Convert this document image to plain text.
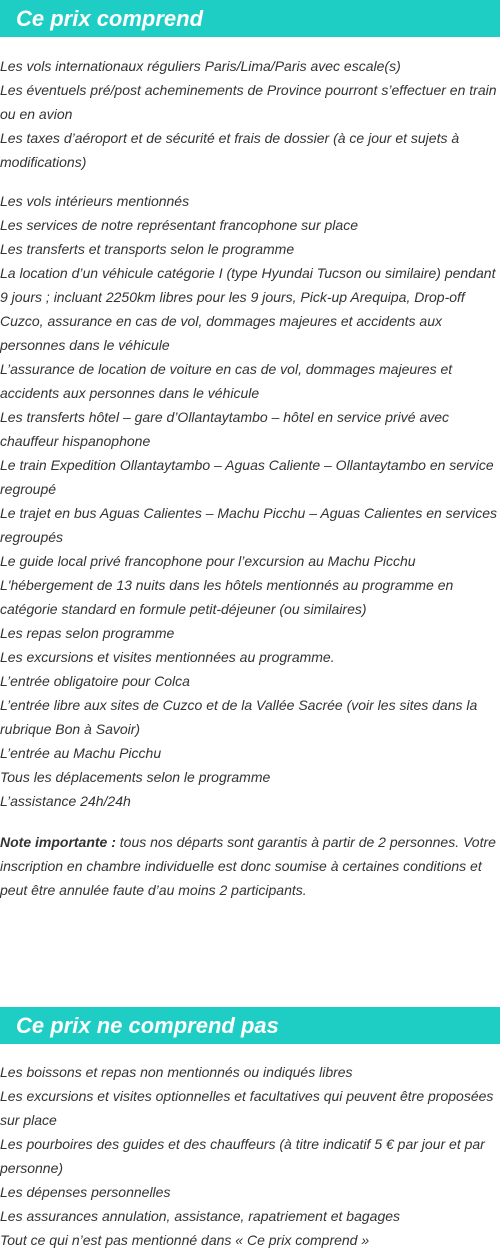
Ce prix comprend
Les vols internationaux réguliers Paris/Lima/Paris avec escale(s)
Les éventuels pré/post acheminements de Province pourront s’effectuer en train ou en avion
Les taxes d’aéroport et de sécurité et frais de dossier (à ce jour et sujets à modifications)
Les vols intérieurs mentionnés
Les services de notre représentant francophone sur place
Les transferts et transports selon le programme
La location d’un véhicule catégorie I (type Hyundai Tucson ou similaire) pendant 9 jours ; incluant 2250km libres pour les 9 jours, Pick-up Arequipa, Drop-off Cuzco, assurance en cas de vol, dommages majeures et accidents aux personnes dans le véhicule
L’assurance de location de voiture en cas de vol, dommages majeures et accidents aux personnes dans le véhicule
Les transferts hôtel – gare d’Ollantaytambo – hôtel en service privé avec chauffeur hispanophone
Le train Expedition Ollantaytambo – Aguas Caliente – Ollantaytambo en service regroupé
Le trajet en bus Aguas Calientes – Machu Picchu – Aguas Calientes en services regroupés
Le guide local privé francophone pour l’excursion au Machu Picchu
L'hébergement de 13 nuits dans les hôtels mentionnés au programme en catégorie standard en formule petit-déjeuner (ou similaires)
Les repas selon programme
Les excursions et visites mentionnées au programme.
L’entrée obligatoire pour Colca
L’entrée libre aux sites de Cuzco et de la Vallée Sacrée (voir les sites dans la rubrique Bon à Savoir)
L’entrée au Machu Picchu
Tous les déplacements selon le programme
L’assistance 24h/24h

Note importante : tous nos départs sont garantis à partir de 2 personnes. Votre inscription en chambre individuelle est donc soumise à certaines conditions et peut être annulée faute d’au moins 2 participants.

Ce prix ne comprend pas
Les boissons et repas non mentionnés ou indiqués libres
Les excursions et visites optionnelles et facultatives qui peuvent être proposées sur place
Les pourboires des guides et des chauffeurs (à titre indicatif 5 € par jour et par personne)
Les dépenses personnelles
Les assurances annulation, assistance, rapatriement et bagages
Tout ce qui n’est pas mentionné dans « Ce prix comprend »
